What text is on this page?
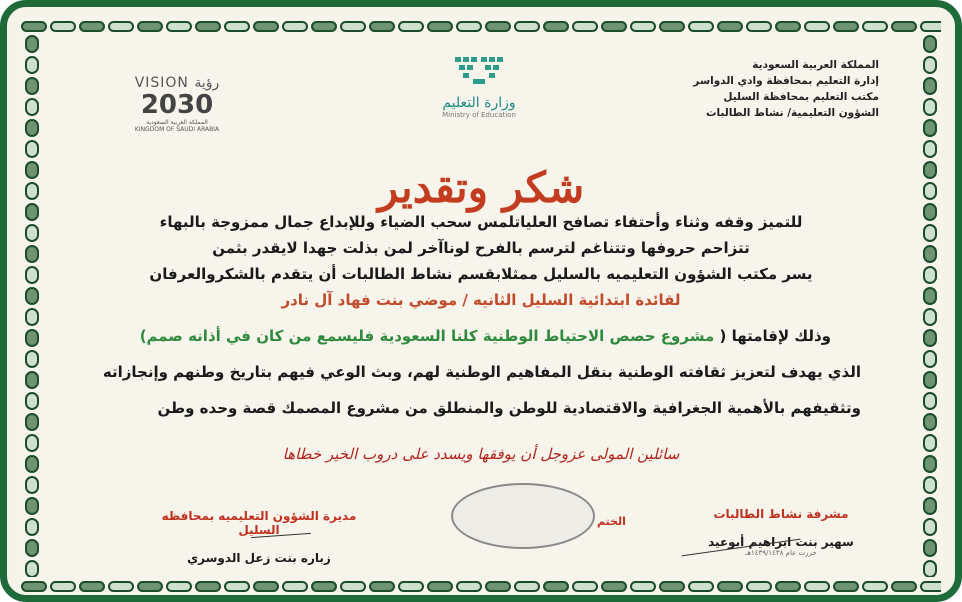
المملكة العربية السعودية
إدارة التعليم بمحافظة وادي الدواسر
مكتب التعليم بمحافظة السليل
الشؤون التعليمية/ نشاط الطالبات
وزارة التعليم
Ministry of Education
VISION رؤية
2030
المملكة العربية السعودية
KINGDOM OF SAUDI ARABIA
شكر وتقدير
للتميز وقفه وثناء وأحتفاء تصافح العلياتلمس سحب الضياء وللإبداع جمال ممزوجة بالبهاء
تتزاحم حروفها وتتناغم لترسم بالفرح لوناآخر لمن بذلت جهدا لايقدر بثمن
يسر مكتب الشؤون التعليميه بالسليل ممثلابقسم نشاط الطالبات أن يتقدم بالشكروالعرفان
لقائدة ابتدائية السليل الثانيه / موضي بنت فهاد آل نادر
وذلك لإقامتها ( مشروع حصص الاحتياط الوطنية كلنا السعودية فليسمع من كان في أذانه صمم)
الذي يهدف لتعزيز ثقافته الوطنية بنقل المفاهيم الوطنية لهم، وبث الوعي فيهم بتاريخ وطنهم وإنجازاته
وتثقيفهم بالأهمية الجغرافية والاقتصادية للوطن والمنطلق من مشروع المصمك قصة وحده وطن
سائلين المولى عزوجل أن يوفقها ويسدد على دروب الخير خطاها
مشرفة نشاط الطالبات
سهير بنت ابراهيم أبوعيد
حررت عام ١٤٣٩/١٤٣٨هـ
الختم
مديرة الشؤون التعليميه بمحافظه السليل
زباره بنت زعل الدوسري
